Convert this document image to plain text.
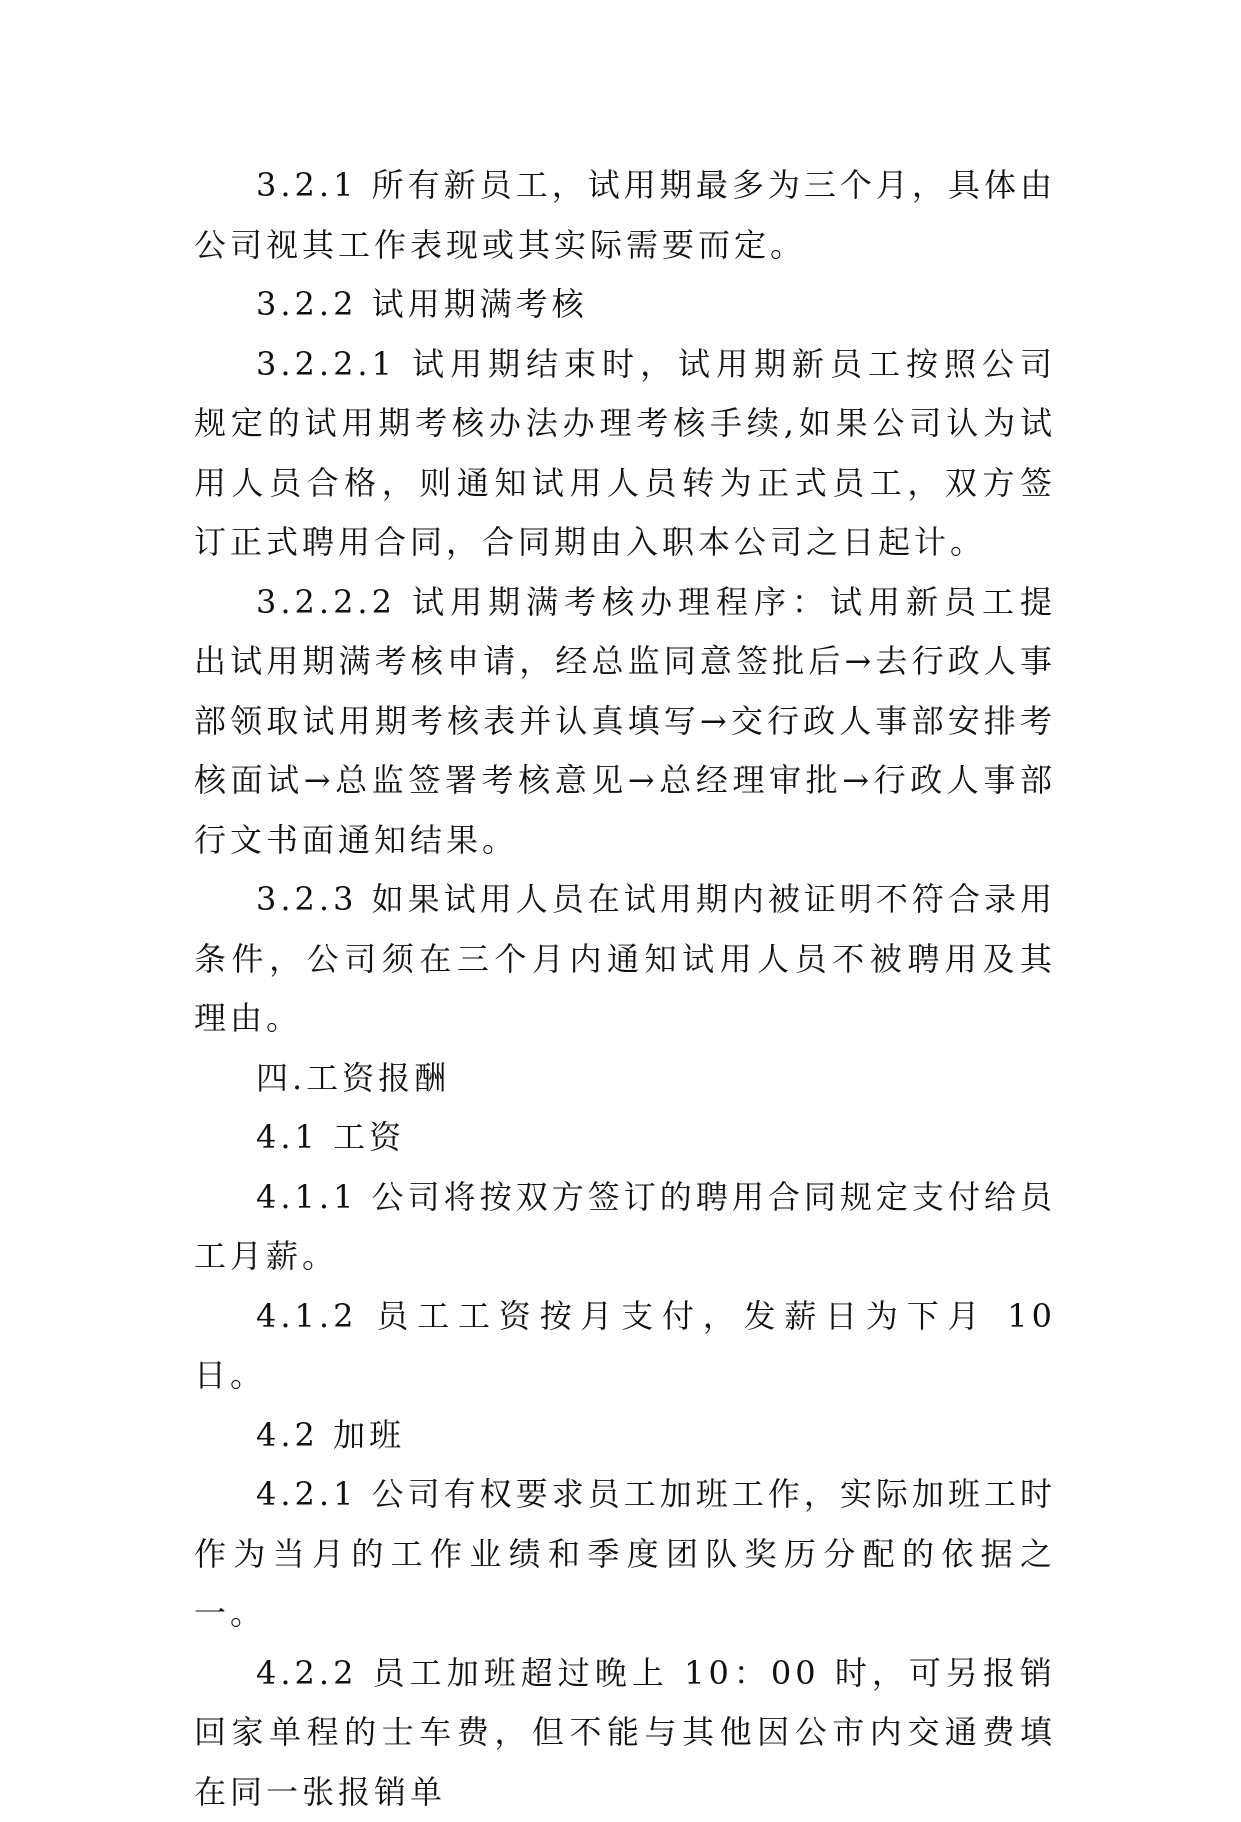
3.2.1 所有新员工，试用期最多为三个月，具体由公司视其工作表现或其实际需要而定。

3.2.2 试用期满考核

3.2.2.1 试用期结束时，试用期新员工按照公司规定的试用期考核办法办理考核手续,如果公司认为试用人员合格，则通知试用人员转为正式员工，双方签订正式聘用合同，合同期由入职本公司之日起计。

3.2.2.2 试用期满考核办理程序：试用新员工提出试用期满考核申请，经总监同意签批后→去行政人事部领取试用期考核表并认真填写→交行政人事部安排考核面试→总监签署考核意见→总经理审批→行政人事部行文书面通知结果。

3.2.3 如果试用人员在试用期内被证明不符合录用条件，公司须在三个月内通知试用人员不被聘用及其理由。

四.工资报酬

4.1 工资

4.1.1 公司将按双方签订的聘用合同规定支付给员工月薪。

4.1.2 员工工资按月支付，发薪日为下月 10 日。

4.2 加班

4.2.1 公司有权要求员工加班工作，实际加班工时作为当月的工作业绩和季度团队奖历分配的依据之一。

4.2.2 员工加班超过晚上 10：00 时，可另报销回家单程的士车费，但不能与其他因公市内交通费填在同一张报销单
